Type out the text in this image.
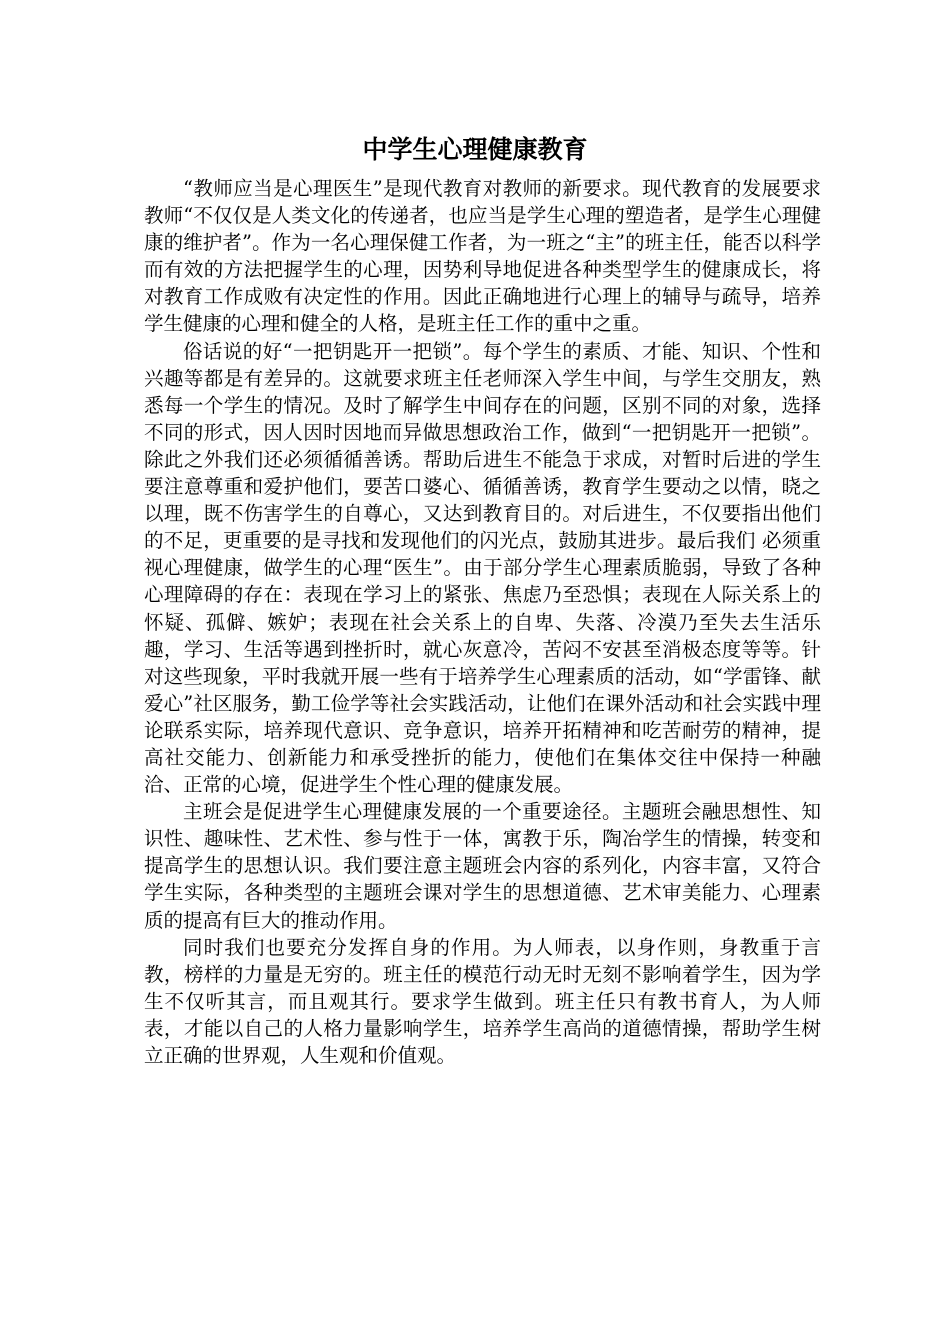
中学生心理健康教育

“教师应当是心理医生”是现代教育对教师的新要求。现代教育的发展要求教师“不仅仅是人类文化的传递者，也应当是学生心理的塑造者，是学生心理健康的维护者”。作为一名心理保健工作者，为一班之“主”的班主任，能否以科学而有效的方法把握学生的心理，因势利导地促进各种类型学生的健康成长，将对教育工作成败有决定性的作用。因此正确地进行心理上的辅导与疏导，培养学生健康的心理和健全的人格，是班主任工作的重中之重。

俗话说的好“一把钥匙开一把锁”。每个学生的素质、才能、知识、个性和兴趣等都是有差异的。这就要求班主任老师深入学生中间，与学生交朋友，熟悉每一个学生的情况。及时了解学生中间存在的问题，区别不同的对象，选择不同的形式，因人因时因地而异做思想政治工作，做到“一把钥匙开一把锁”。除此之外我们还必须循循善诱。帮助后进生不能急于求成，对暂时后进的学生要注意尊重和爱护他们，要苦口婆心、循循善诱，教育学生要动之以情，晓之以理，既不伤害学生的自尊心，又达到教育目的。对后进生，不仅要指出他们的不足，更重要的是寻找和发现他们的闪光点，鼓励其进步。最后我们 必须重视心理健康，做学生的心理“医生”。由于部分学生心理素质脆弱，导致了各种心理障碍的存在：表现在学习上的紧张、焦虑乃至恐惧；表现在人际关系上的怀疑、孤僻、嫉妒；表现在社会关系上的自卑、失落、冷漠乃至失去生活乐趣，学习、生活等遇到挫折时，就心灰意冷，苦闷不安甚至消极态度等等。针对这些现象，平时我就开展一些有于培养学生心理素质的活动，如“学雷锋、献爱心”社区服务，勤工俭学等社会实践活动，让他们在课外活动和社会实践中理论联系实际，培养现代意识、竞争意识，培养开拓精神和吃苦耐劳的精神，提高社交能力、创新能力和承受挫折的能力，使他们在集体交往中保持一种融洽、正常的心境，促进学生个性心理的健康发展。

主班会是促进学生心理健康发展的一个重要途径。主题班会融思想性、知识性、趣味性、艺术性、参与性于一体，寓教于乐，陶冶学生的情操，转变和提高学生的思想认识。我们要注意主题班会内容的系列化，内容丰富，又符合学生实际，各种类型的主题班会课对学生的思想道德、艺术审美能力、心理素质的提高有巨大的推动作用。

同时我们也要充分发挥自身的作用。为人师表，以身作则，身教重于言教，榜样的力量是无穷的。班主任的模范行动无时无刻不影响着学生，因为学生不仅听其言，而且观其行。要求学生做到。班主任只有教书育人，为人师表，才能以自己的人格力量影响学生，培养学生高尚的道德情操，帮助学生树立正确的世界观，人生观和价值观。
